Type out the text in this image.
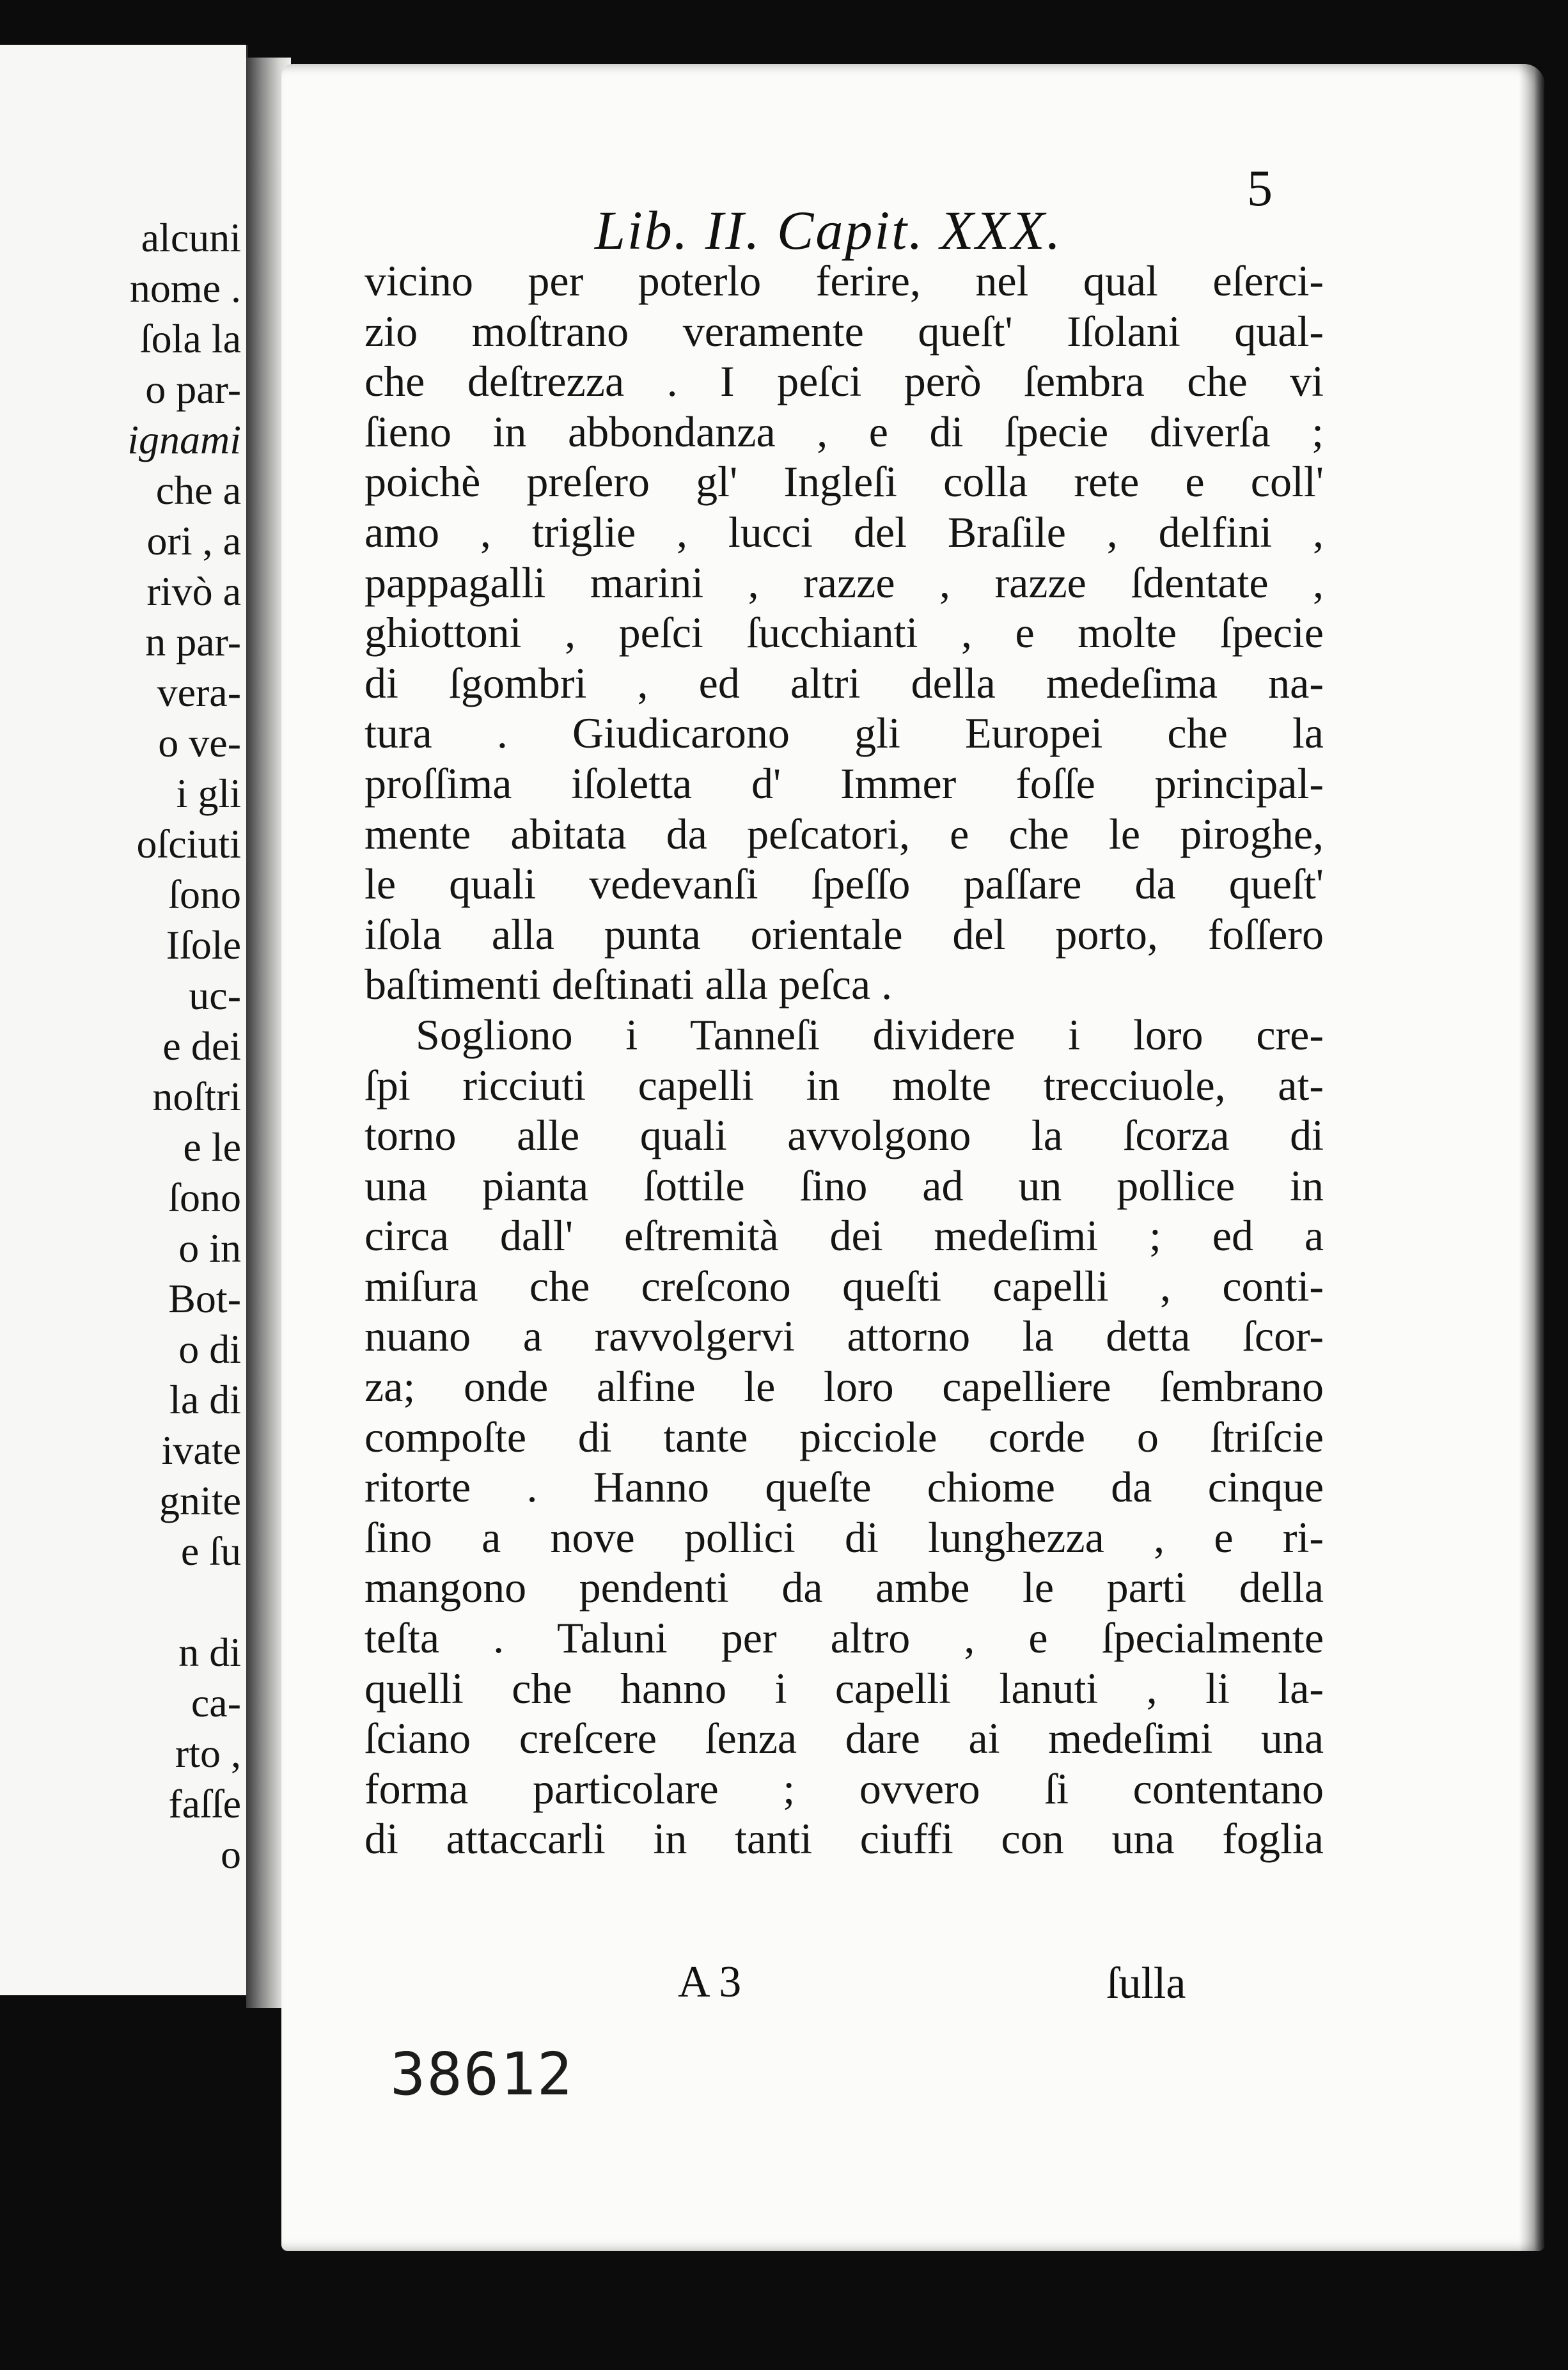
alcuni
nome .
ſola la
o par-
ignami
che a
ori , a
rivò a
n par-
vera-
o ve-
i gli
oſciuti
ſono
Iſole
uc-
e dei
noſtri
e le
ſono
o in
Bot-
o di
la di
ivate
gnite
e ſu
n di
ca-
rto ,
faſſe
o
Lib. II. Capit. XXX.
5
vicino per poterlo ferire, nel qual eſerci-
zio moſtrano veramente queſt' Iſolani qual-
che deſtrezza . I peſci però ſembra che vi
ſieno in abbondanza , e di ſpecie diverſa ;
poichè preſero gl' Ingleſi colla rete e coll'
amo , triglie , lucci del Braſile , delfini ,
pappagalli marini , razze , razze ſdentate ,
ghiottoni , peſci ſucchianti , e molte ſpecie
di ſgombri , ed altri della medeſima na-
tura . Giudicarono gli Europei che la
proſſima iſoletta d' Immer foſſe principal-
mente abitata da peſcatori, e che le piroghe,
le quali vedevanſi ſpeſſo paſſare da queſt'
iſola alla punta orientale del porto, foſſero
baſtimenti deſtinati alla peſca .
Sogliono i Tanneſi dividere i loro cre-
ſpi ricciuti capelli in molte trecciuole, at-
torno alle quali avvolgono la ſcorza di
una pianta ſottile ſino ad un pollice in
circa dall' eſtremità dei medeſimi ; ed a
miſura che creſcono queſti capelli , conti-
nuano a ravvolgervi attorno la detta ſcor-
za; onde alfine le loro capelliere ſembrano
compoſte di tante picciole corde o ſtriſcie
ritorte . Hanno queſte chiome da cinque
ſino a nove pollici di lunghezza , e ri-
mangono pendenti da ambe le parti della
teſta . Taluni per altro , e ſpecialmente
quelli che hanno i capelli lanuti , li la-
ſciano creſcere ſenza dare ai medeſimi una
forma particolare ; ovvero ſi contentano
di attaccarli in tanti ciuffi con una foglia
A 3	ſulla
38612
